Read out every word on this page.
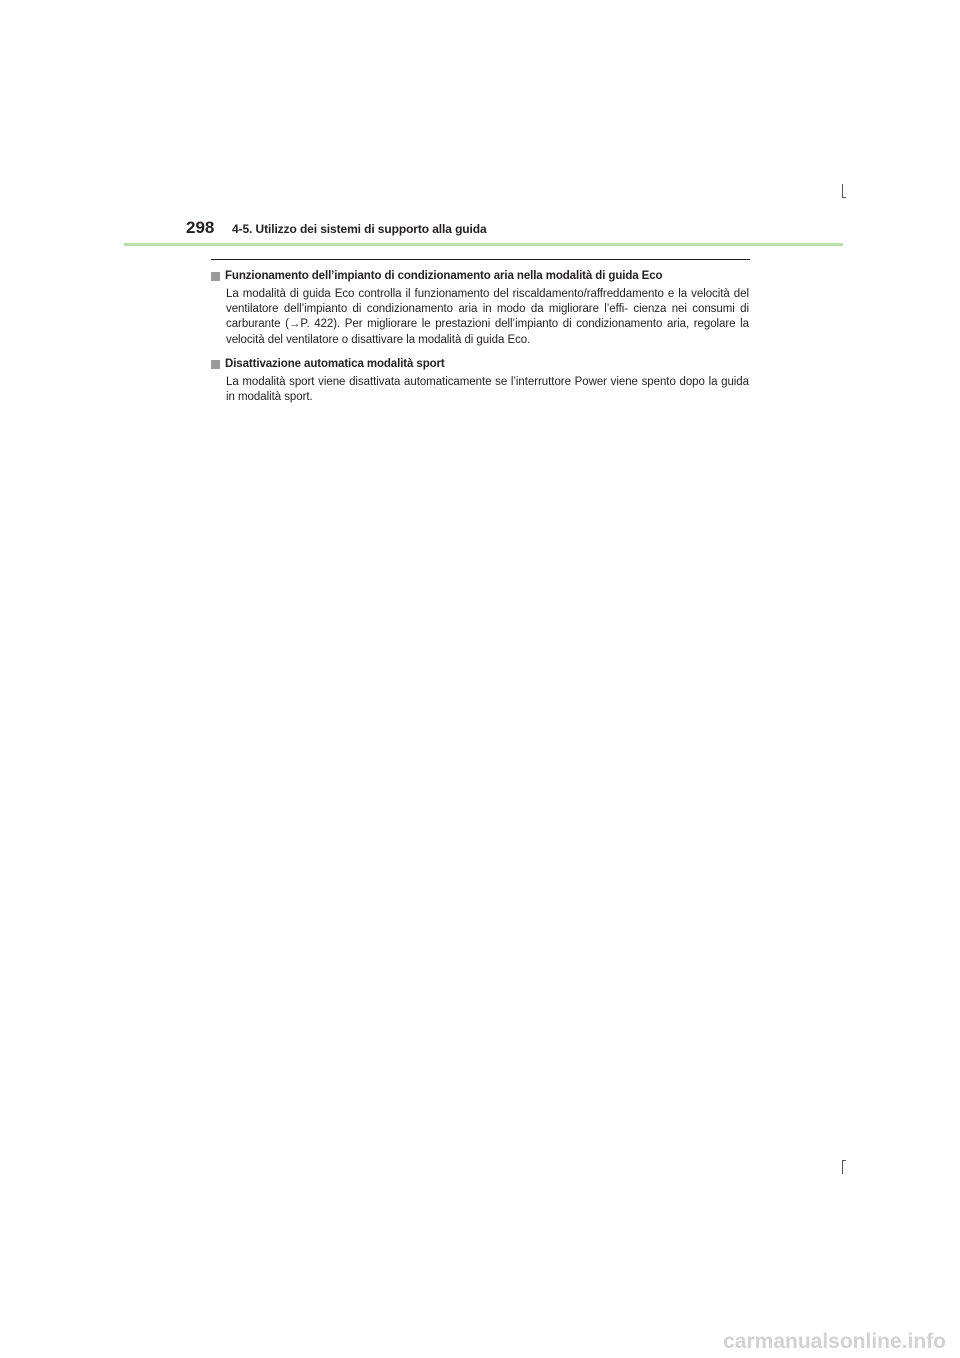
298 4-5. Utilizzo dei sistemi di supporto alla guida
Funzionamento dell’impianto di condizionamento aria nella modalità di guida Eco
La modalità di guida Eco controlla il funzionamento del riscaldamento/raffreddamento e la velocità del ventilatore dell’impianto di condizionamento aria in modo da migliorare l’effi- cienza nei consumi di carburante (→P. 422). Per migliorare le prestazioni dell’impianto di condizionamento aria, regolare la velocità del ventilatore o disattivare la modalità di guida Eco.
Disattivazione automatica modalità sport
La modalità sport viene disattivata automaticamente se l’interruttore Power viene spento dopo la guida in modalità sport.
carmanualsonline.info
